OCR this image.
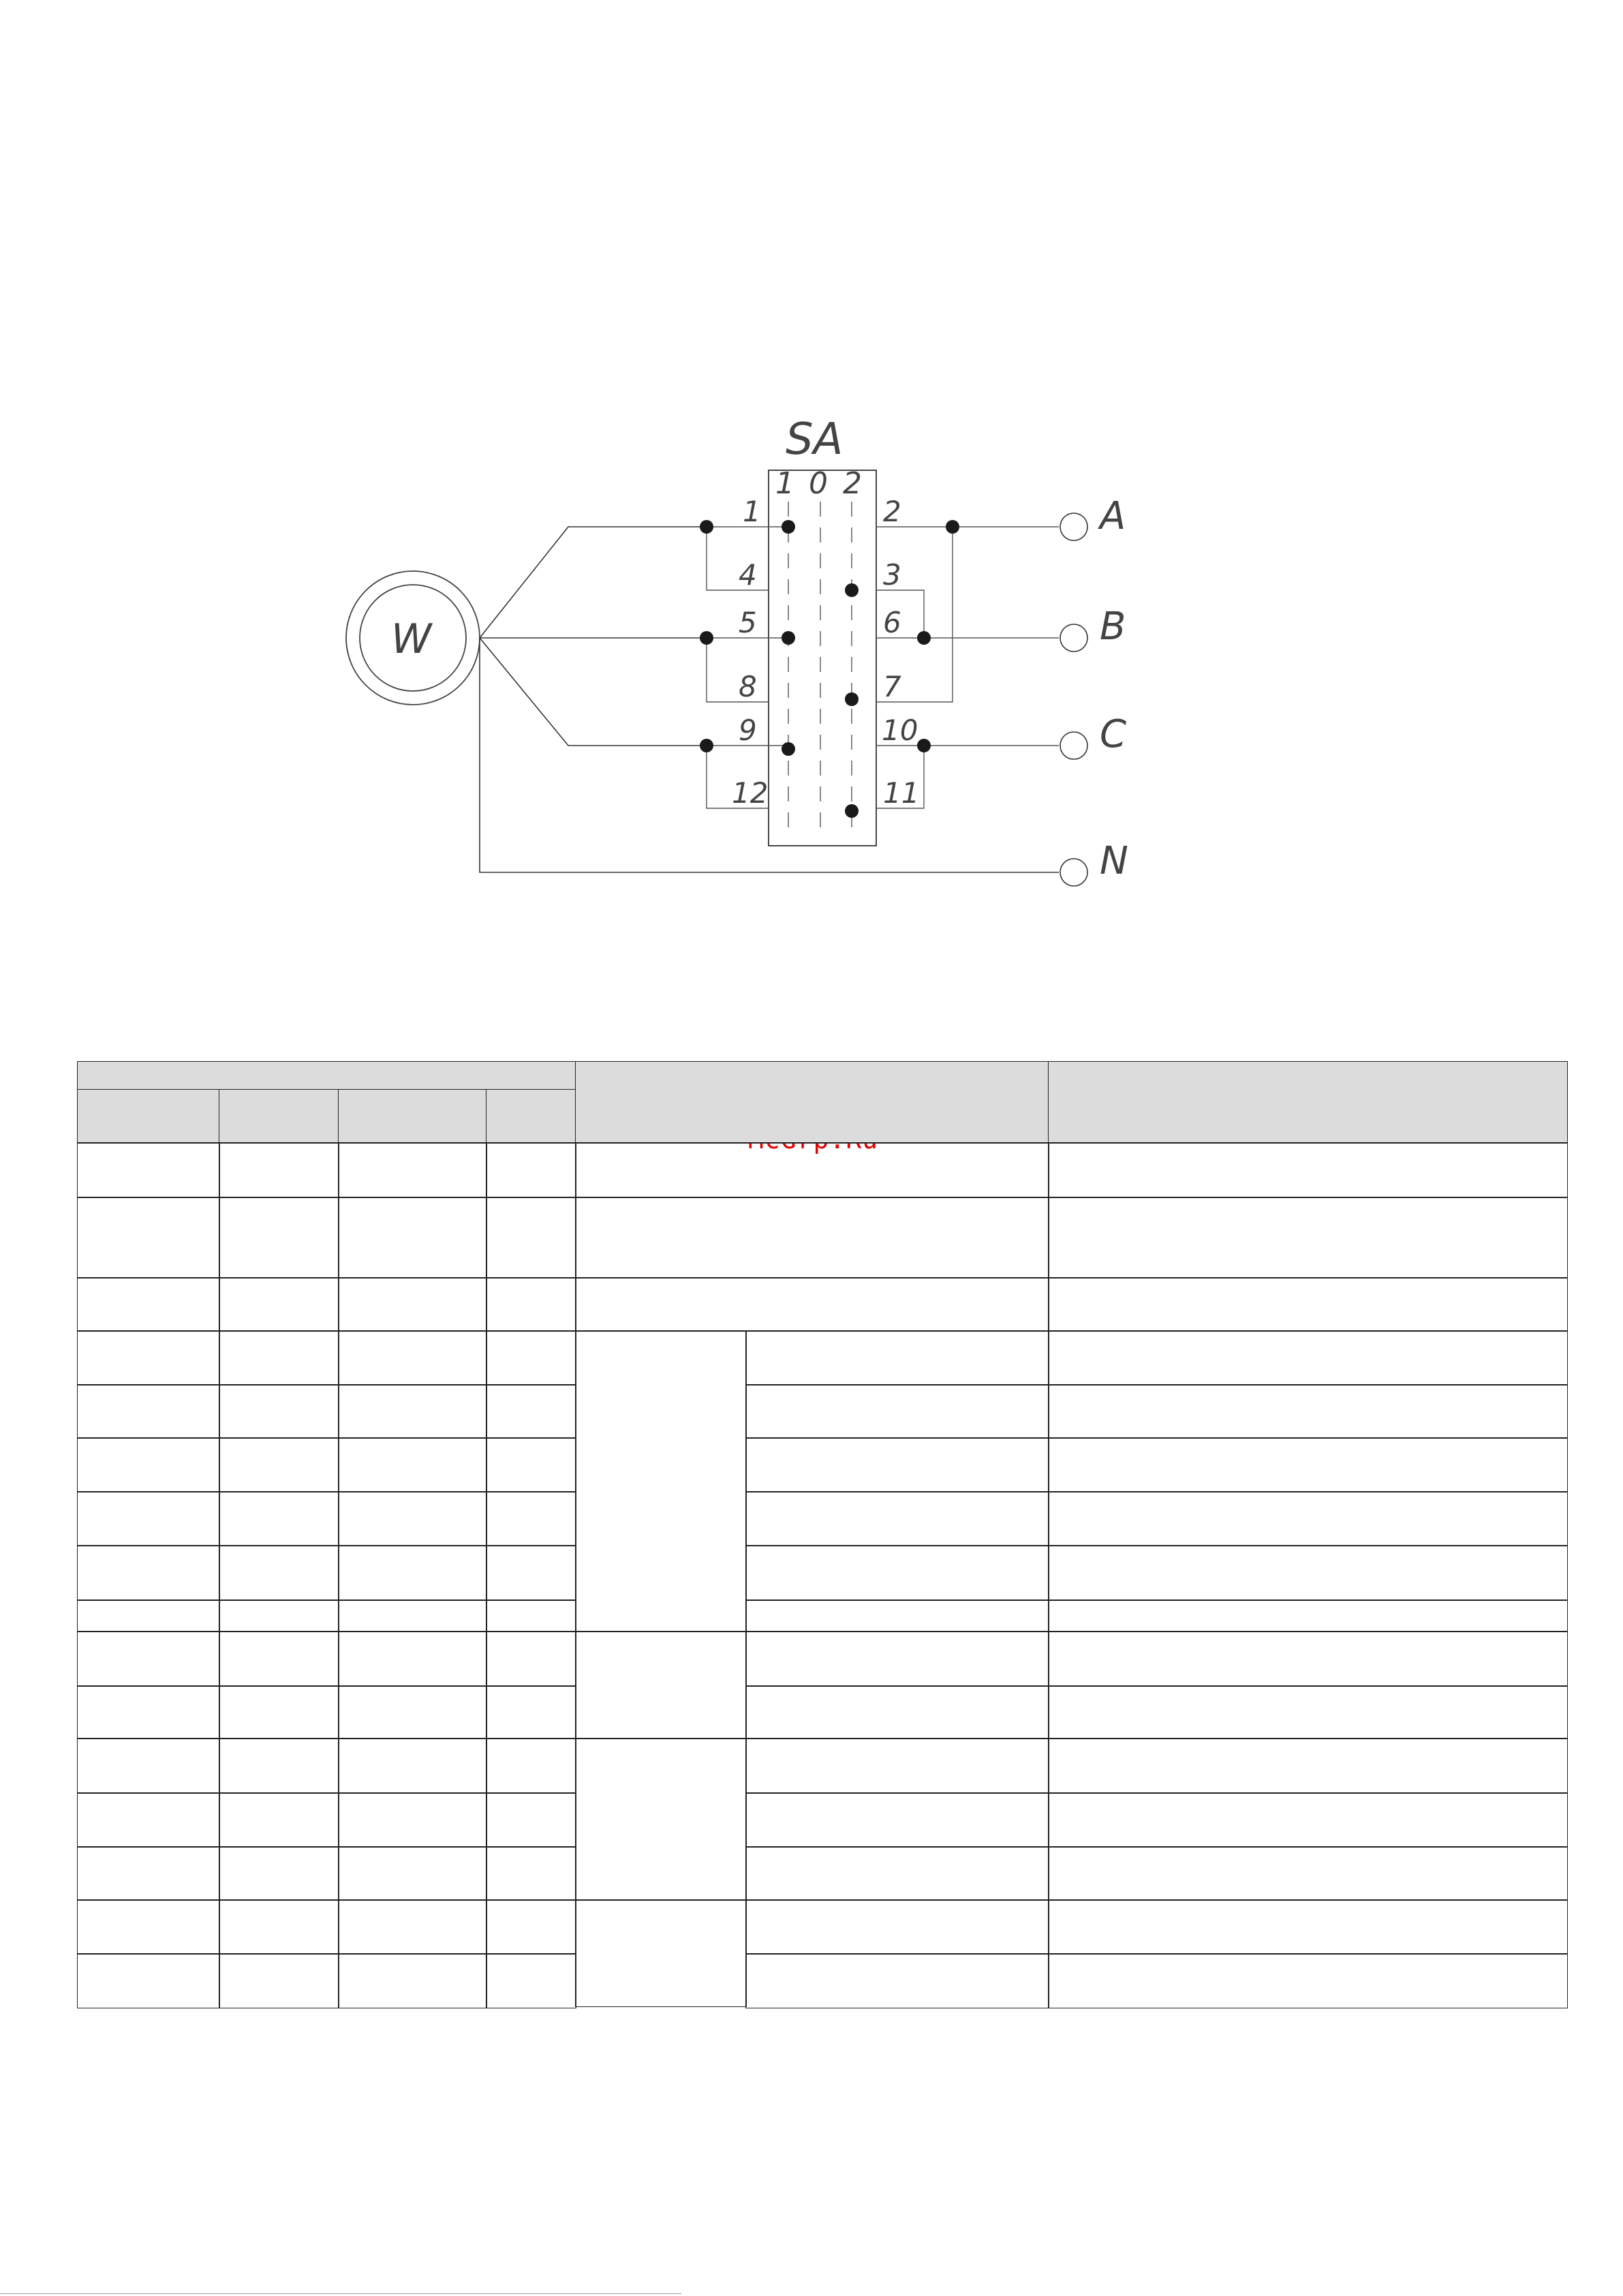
SA
1 0 2
W
1
4
5
8
9
12
2
3
6
7
10
11
A
B
C
N
